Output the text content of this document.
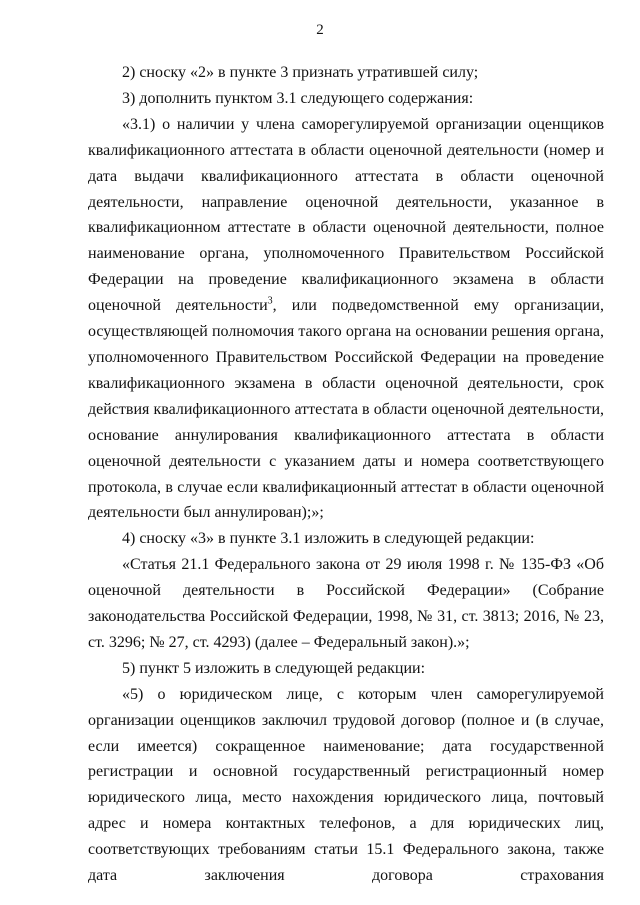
2

2) сноску «2» в пункте 3 признать утратившей силу;

3) дополнить пунктом 3.1 следующего содержания:

«3.1) о наличии у члена саморегулируемой организации оценщиков квалификационного аттестата в области оценочной деятельности (номер и дата выдачи квалификационного аттестата в области оценочной деятельности, направление оценочной деятельности, указанное в квалификационном аттестате в области оценочной деятельности, полное наименование органа, уполномоченного Правительством Российской Федерации на проведение квалификационного экзамена в области оценочной деятельности$^3$, или подведомственной ему организации, осуществляющей полномочия такого органа на основании решения органа, уполномоченного Правительством Российской Федерации на проведение квалификационного экзамена в области оценочной деятельности, срок действия квалификационного аттестата в области оценочной деятельности, основание аннулирования квалификационного аттестата в области оценочной деятельности с указанием даты и номера соответствующего протокола, в случае если квалификационный аттестат в области оценочной деятельности был аннулирован);»;

4) сноску «3» в пункте 3.1 изложить в следующей редакции:

«Статья 21.1 Федерального закона от 29 июля 1998 г. № 135-ФЗ «Об оценочной деятельности в Российской Федерации» (Собрание законодательства Российской Федерации, 1998, № 31, ст. 3813; 2016, № 23, ст. 3296; № 27, ст. 4293) (далее – Федеральный закон).»;

5) пункт 5 изложить в следующей редакции:

«5) о юридическом лице, с которым член саморегулируемой организации оценщиков заключил трудовой договор (полное и (в случае, если имеется) сокращенное наименование; дата государственной регистрации и основной государственный регистрационный номер юридического лица, место нахождения юридического лица, почтовый адрес и номера контактных телефонов, а для юридических лиц, соответствующих требованиям статьи 15.1 Федерального закона, также дата заключения договора страхования
